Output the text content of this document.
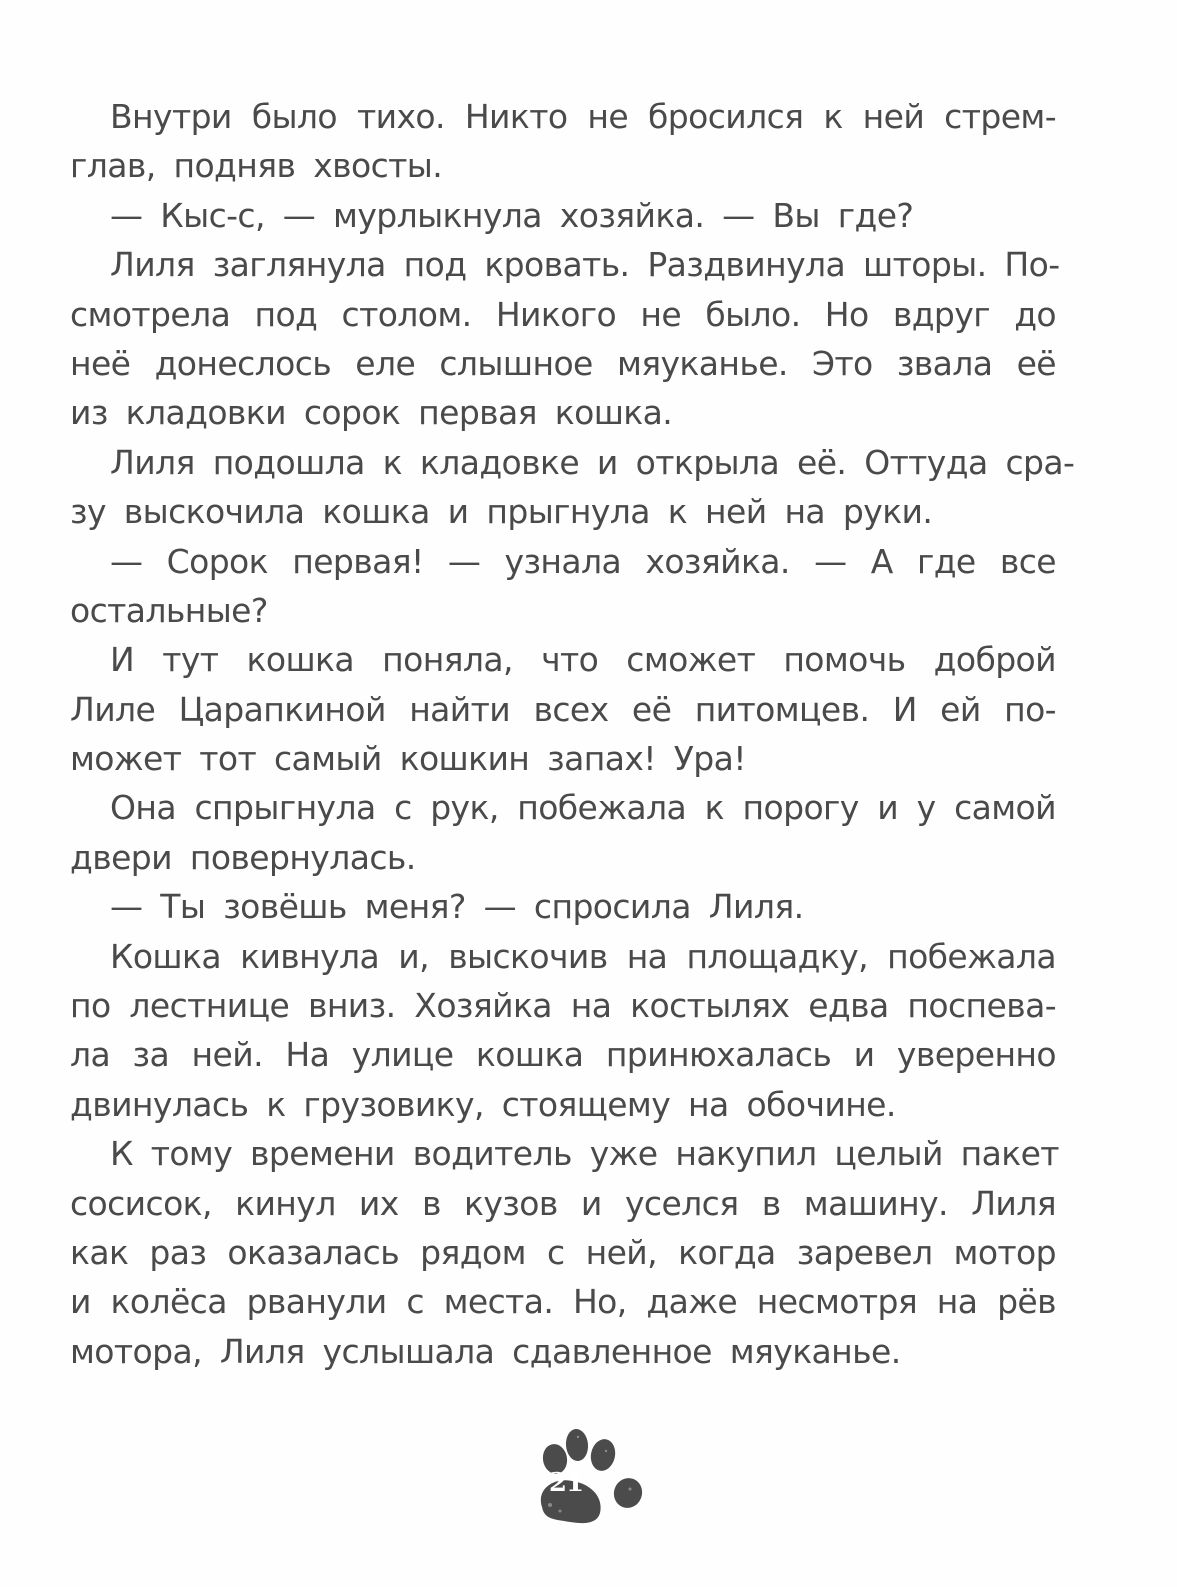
Внутри было тихо. Никто не бросился к ней стрем-
глав, подняв хвосты.
— Кыс-с, — мурлыкнула хозяйка. — Вы где?
Лиля заглянула под кровать. Раздвинула шторы. По-
смотрела под столом. Никого не было. Но вдруг до
неё донеслось еле слышное мяуканье. Это звала её
из кладовки сорок первая кошка.
Лиля подошла к кладовке и открыла её. Оттуда сра-
зу выскочила кошка и прыгнула к ней на руки.
— Сорок первая! — узнала хозяйка. — А где все
остальные?
И тут кошка поняла, что сможет помочь доброй
Лиле Царапкиной найти всех её питомцев. И ей по-
может тот самый кошкин запах! Ура!
Она спрыгнула с рук, побежала к порогу и у самой
двери повернулась.
— Ты зовёшь меня? — спросила Лиля.
Кошка кивнула и, выскочив на площадку, побежала
по лестнице вниз. Хозяйка на костылях едва поспева-
ла за ней. На улице кошка принюхалась и уверенно
двинулась к грузовику, стоящему на обочине.
К тому времени водитель уже накупил целый пакет
сосисок, кинул их в кузов и уселся в машину. Лиля
как раз оказалась рядом с ней, когда заревел мотор
и колёса рванули с места. Но, даже несмотря на рёв
мотора, Лиля услышала сдавленное мяуканье.
21
